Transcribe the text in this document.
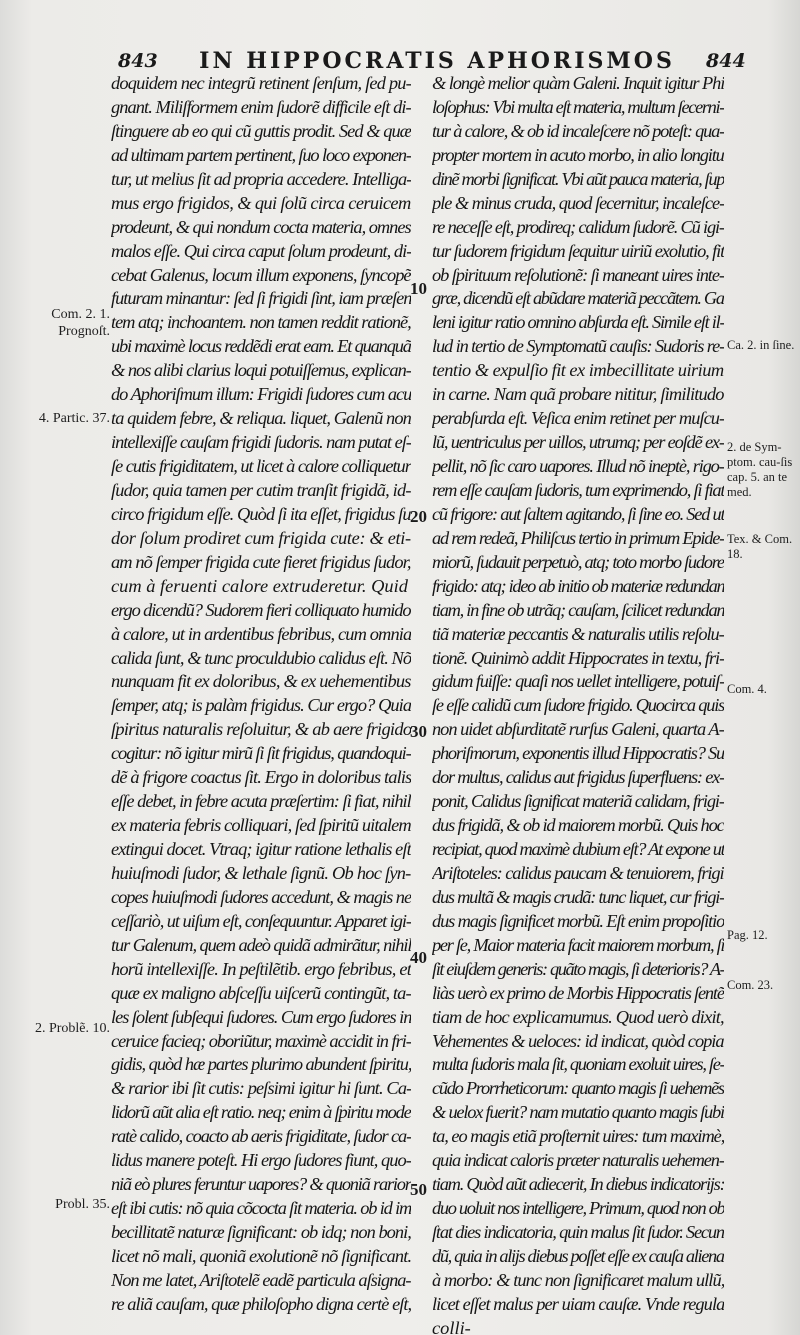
843	IN HIPPOCRATIS APHORISMOS	844
doquidem nec integrũ retinent ſenſum, ſed pu-
gnant. Miliſformem enim ſudorẽ difficile eſt di-
ſtinguere ab eo qui cũ guttis prodit. Sed & quæ
ad ultimam partem pertinent, ſuo loco exponen-
tur, ut melius ſit ad propria accedere. Intelliga-
mus ergo frigidos, & qui ſolũ circa ceruicem
prodeunt, & qui nondum cocta materia, omnes
malos eſſe. Qui circa caput ſolum prodeunt, di-
cebat Galenus, locum illum exponens, ſyncopẽ
futuram minantur: ſed ſi frigidi ſint, iam præſen
tem atq; inchoantem. non tamen reddit rationẽ,
ubi maximè locus reddẽdi erat eam. Et quanquã
& nos alibi clarius loqui potuiſſemus, explican-
do Aphoriſmum illum: Frigidi ſudores cum acu
ta quidem febre, & reliqua. liquet, Galenũ non
intellexiſſe cauſam frigidi ſudoris. nam putat eſ-
ſe cutis frigiditatem, ut licet à calore colliquetur
ſudor, quia tamen per cutim tranſit frigidã, id-
circo frigidum eſſe. Quòd ſi ita eſſet, frigidus ſu
dor ſolum prodiret cum frigida cute: & eti-
am nõ ſemper frigida cute fieret frigidus ſudor,
cum à feruenti calore extruderetur. Quid
ergo dicendũ? Sudorem fieri colliquato humido
à calore, ut in ardentibus febribus, cum omnia
calida ſunt, & tunc proculdubio calidus eſt. Nõ
nunquam fit ex doloribus, & ex uehementibus
ſemper, atq; is palàm frigidus. Cur ergo? Quia
ſpiritus naturalis reſoluitur, & ab aere frigido
cogitur: nõ igitur mirũ ſi ſit frigidus, quandoqui-
dẽ à frigore coactus ſit. Ergo in doloribus talis
eſſe debet, in febre acuta præſertim: ſi fiat, nihil
ex materia febris colliquari, ſed ſpiritũ uitalem
extingui docet. Vtraq; igitur ratione lethalis eſt
huiuſmodi ſudor, & lethale ſignũ. Ob hoc ſyn-
copes huiuſmodi ſudores accedunt, & magis ne
ceſſariò, ut uiſum eſt, conſequuntur. Apparet igi-
tur Galenum, quem adeò quidã admirãtur, nihil
horũ intellexiſſe. In peſtilẽtib. ergo febribus, et
quæ ex maligno abſceſſu uiſcerũ contingũt, ta-
les ſolent ſubſequi ſudores. Cum ergo ſudores in
ceruice facieq; oboriũtur, maximè accidit in fri-
gidis, quòd hæ partes plurimo abundent ſpiritu,
& rarior ibi ſit cutis: peſsimi igitur hi ſunt. Ca-
lidorũ aũt alia eſt ratio. neq; enim à ſpiritu mode
ratè calido, coacto ab aeris frigiditate, ſudor ca-
lidus manere poteſt. Hi ergo ſudores fiunt, quo-
niã eò plures feruntur uapores? & quoniã rarior
eſt ibi cutis: nõ quia cõcocta ſit materia. ob id im
becillitatẽ naturæ ſignificant: ob idq; non boni,
licet nõ mali, quoniã exolutionẽ nõ ſignificant.
Non me latet, Ariſtotelẽ eadẽ particula aſsigna-
re aliã cauſam, quæ philoſopho digna certè eſt,
& longè melior quàm Galeni. Inquit igitur Phi
loſophus: Vbi multa eſt materia, multum ſecerni-
tur à calore, & ob id incaleſcere nõ poteſt: qua-
propter mortem in acuto morbo, in alio longitu
dinẽ morbi ſignificat. Vbi aũt pauca materia, ſup
ple & minus cruda, quod ſecernitur, incaleſce-
re neceſſe eſt, prodireq; calidum ſudorẽ. Cũ igi-
tur ſudorem frigidum ſequitur uiriũ exolutio, fit
ob ſpirituum reſolutionẽ: ſi maneant uires inte-
græ, dicendũ eſt abũdare materiã peccãtem. Ga
leni igitur ratio omnino abſurda eſt. Simile eſt il-
lud in tertio de Symptomatũ cauſis: Sudoris re-
tentio & expulſio fit ex imbecillitate uirium
in carne. Nam quã probare nititur, ſimilitudo
perabſurda eſt. Veſica enim retinet per muſcu-
lũ, uentriculus per uillos, utrumq; per eoſdẽ ex-
pellit, nõ ſic caro uapores. Illud nõ ineptè, rigo-
rem eſſe cauſam ſudoris, tum exprimendo, ſi fiat
cũ frigore: aut ſaltem agitando, ſi ſine eo. Sed ut
ad rem redeã, Philiſcus tertio in primum Epide-
miorũ, ſudauit perpetuò, atq; toto morbo ſudore
frigido: atq; ideo ab initio ob materiæ redundan
tiam, in fine ob utrãq; cauſam, ſcilicet redundan
tiã materiæ peccantis & naturalis utilis reſolu-
tionẽ. Quinimò addit Hippocrates in textu, fri-
gidum fuiſſe: quaſi nos uellet intelligere, potuiſ-
ſe eſſe calidũ cum ſudore frigido. Quocirca quis
non uidet abſurditatẽ rurſus Galeni, quarta A-
phoriſmorum, exponentis illud Hippocratis? Su
dor multus, calidus aut frigidus ſuperfluens: ex-
ponit, Calidus ſignificat materiã calidam, frigi-
dus frigidã, & ob id maiorem morbũ. Quis hoc
recipiat, quod maximè dubium eſt? At expone ut
Ariſtoteles: calidus paucam & tenuiorem, frigi
dus multã & magis crudã: tunc liquet, cur frigi-
dus magis ſignificet morbũ. Eſt enim propoſitio
per ſe, Maior materia facit maiorem morbum, ſi
ſit eiuſdem generis: quãto magis, ſi deterioris? A-
liàs uerò ex primo de Morbis Hippocratis ſentẽ
tiam de hoc explicamumus. Quod uerò dixit,
Vehementes & ueloces: id indicat, quòd copia
multa ſudoris mala ſit, quoniam exoluit uires, ſe-
cũdo Prorrheticorum: quanto magis ſi uehemẽs
& uelox fuerit? nam mutatio quanto magis ſubi
ta, eo magis etiã proſternit uires: tum maximè,
quia indicat caloris præter naturalis uehemen-
tiam. Quòd aũt adiecerit, In diebus indicatorijs:
duo uoluit nos intelligere, Primum, quod non ob
ſtat dies indicatoria, quin malus ſit ſudor. Secun
dũ, quia in alijs diebus poſſet eſſe ex cauſa aliena
à morbo: & tunc non ſignificaret malum ullũ,
licet eſſet malus per uiam cauſæ. Vnde regula
colli-
10
20
30
40
50
Com. 2. 1. Prognoſt.
4. Partic. 37.
2. Problẽ. 10.
Probl. 35.
Ca. 2. in ſine.
2. de Sym-ptom. cau-ſis cap. 5. an te med.
Tex. & Com. 18.
Com. 4.
Pag. 12.
Com. 23.
